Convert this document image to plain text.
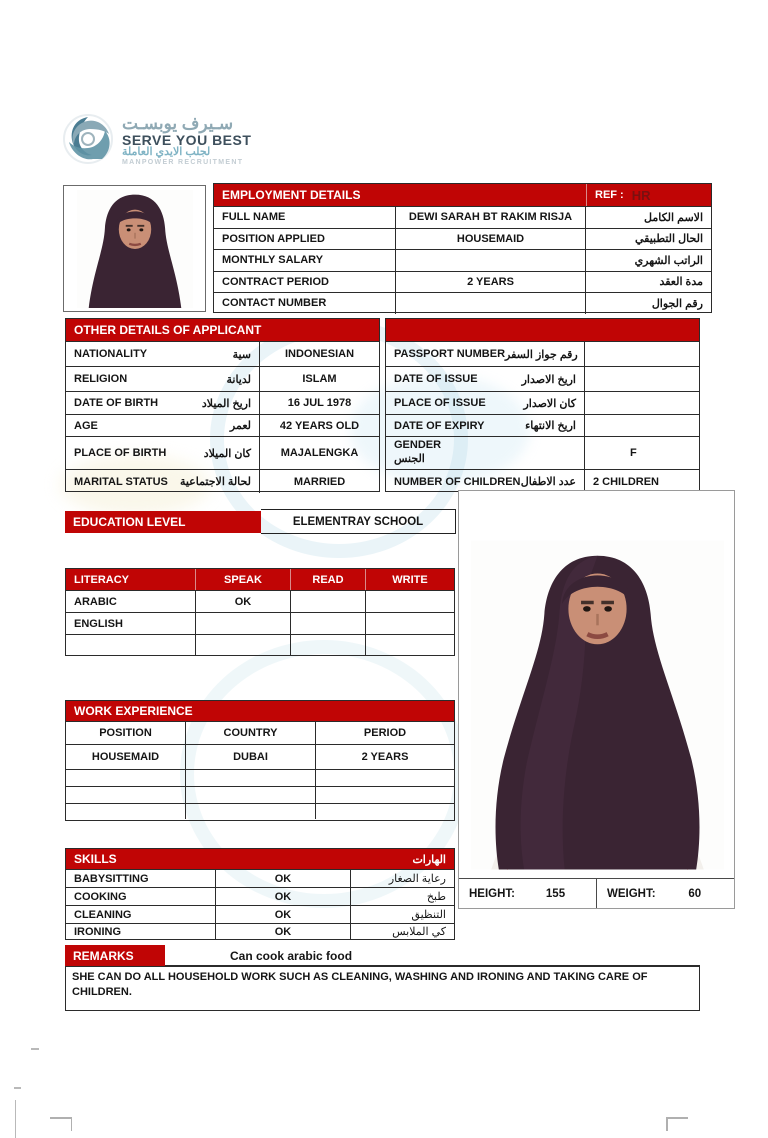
سـيرف يوبسـت
SERVE YOU BEST
لجلب الايدي العاملة
MANPOWER RECRUITMENT
EMPLOYMENT DETAILS	REF : HR
FULL NAME	DEWI SARAH BT RAKIM RISJA	الاسم الكامل
POSITION APPLIED	HOUSEMAID	الحال التطبيقي
MONTHLY SALARY	الراتب الشهري
CONTRACT PERIOD	2 YEARS	مدة العقد
CONTACT NUMBER	رقم الجوال
OTHER DETAILS OF APPLICANT
NATIONALITY	سية	INDONESIAN
RELIGION	لديانة	ISLAM
DATE OF BIRTH	اريخ الميلاد	16 JUL 1978
AGE	لعمر	42 YEARS OLD
PLACE OF BIRTH	كان الميلاد	MAJALENGKA
MARITAL STATUS لحالة الاجتماعية	MARRIED
PASSPORT NUMBER رقم جواز السفر
DATE OF ISSUE	اريخ الاصدار
PLACE OF ISSUE	كان الاصدار
DATE OF EXPIRY	اريخ الانتهاء
GENDER
الجنس	F
NUMBER OF CHILDREN عدد الاطفال	2 CHILDREN
EDUCATION LEVEL	ELEMENTRAY SCHOOL
LITERACY	SPEAK	READ	WRITE
ARABIC	OK
ENGLISH
WORK EXPERIENCE
POSITION	COUNTRY	PERIOD
HOUSEMAID	DUBAI	2 YEARS
HEIGHT:	155	WEIGHT:	60
SKILLS	الهارات
BABYSITTING	OK	رعاية الصغار
COOKING	OK	طبخ
CLEANING	OK	التنظيق
IRONING	OK	كي الملابس
REMARKS	Can cook arabic food
SHE CAN DO ALL HOUSEHOLD WORK SUCH AS CLEANING, WASHING AND IRONING AND TAKING CARE OF CHILDREN.
